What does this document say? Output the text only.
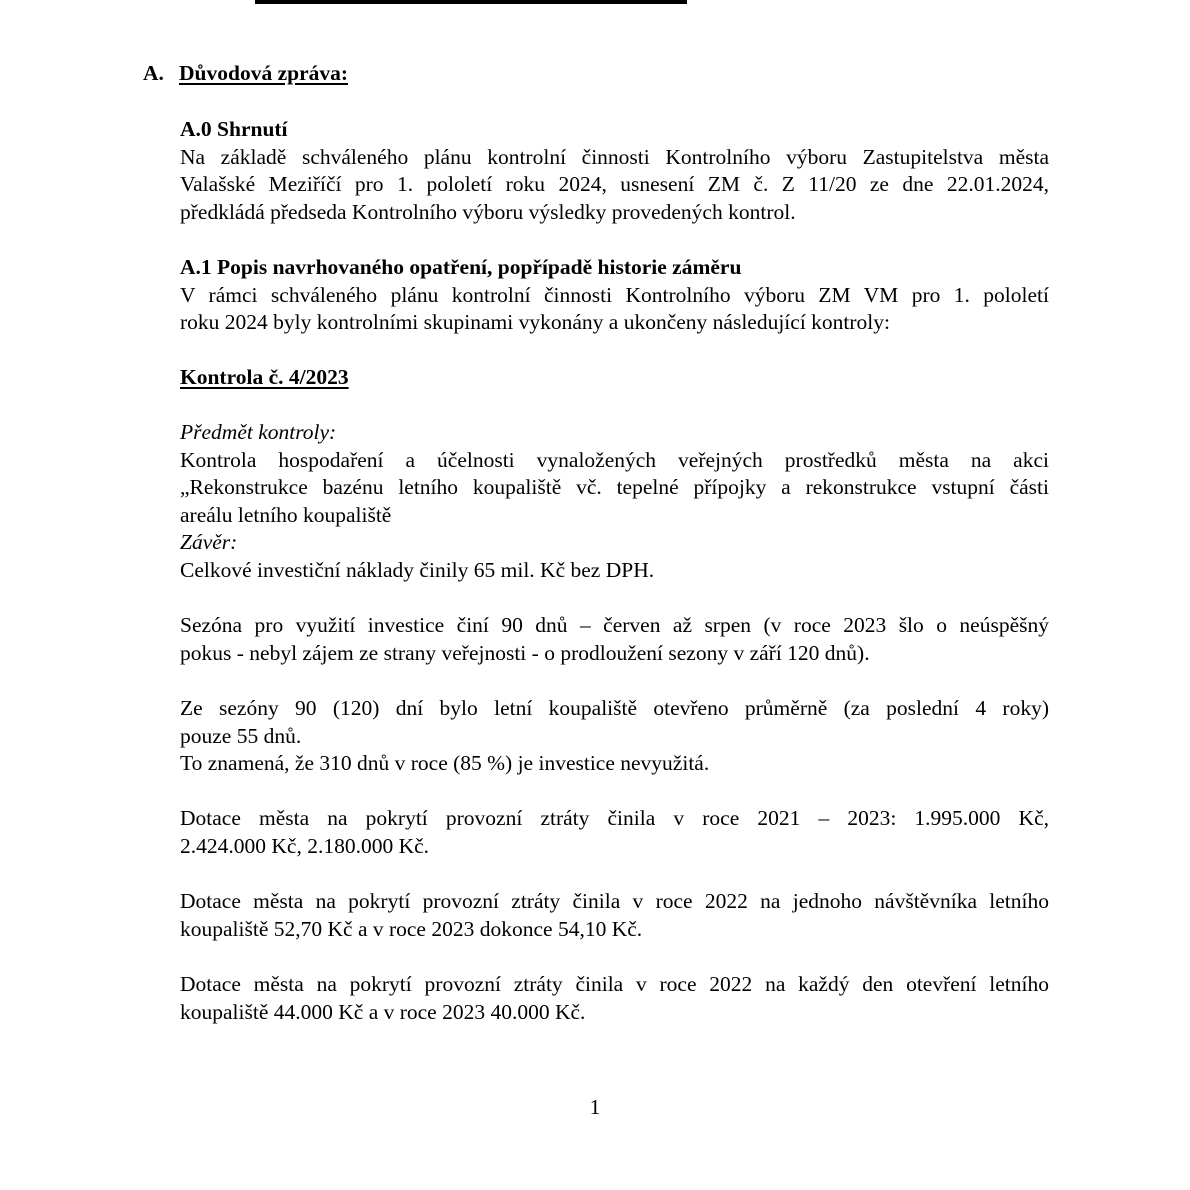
A. Důvodová zpráva:

A.0 Shrnutí

Na základě schváleného plánu kontrolní činnosti Kontrolního výboru Zastupitelstva města

Valašské Meziříčí pro 1. pololetí roku 2024, usnesení ZM č. Z 11/20 ze dne 22.01.2024,

předkládá předseda Kontrolního výboru výsledky provedených kontrol.

A.1 Popis navrhovaného opatření, popřípadě historie záměru

V rámci schváleného plánu kontrolní činnosti Kontrolního výboru ZM VM pro 1. pololetí

roku 2024 byly kontrolními skupinami vykonány a ukončeny následující kontroly:

Kontrola č. 4/2023

Předmět kontroly:

Kontrola hospodaření a účelnosti vynaložených veřejných prostředků města na akci

„Rekonstrukce bazénu letního koupaliště vč. tepelné přípojky a rekonstrukce vstupní části

areálu letního koupaliště

Závěr:

Celkové investiční náklady činily 65 mil. Kč bez DPH.

Sezóna pro využití investice činí 90 dnů – červen až srpen (v roce 2023 šlo o neúspěšný

pokus - nebyl zájem ze strany veřejnosti - o prodloužení sezony v září 120 dnů).

Ze sezóny 90 (120) dní bylo letní koupaliště otevřeno průměrně (za poslední 4 roky)

pouze 55 dnů.

To znamená, že 310 dnů v roce (85 %) je investice nevyužitá.

Dotace města na pokrytí provozní ztráty činila v roce 2021 – 2023: 1.995.000 Kč,

2.424.000 Kč, 2.180.000 Kč.

Dotace města na pokrytí provozní ztráty činila v roce 2022 na jednoho návštěvníka letního

koupaliště 52,70 Kč a v roce 2023 dokonce 54,10 Kč.

Dotace města na pokrytí provozní ztráty činila v roce 2022 na každý den otevření letního

koupaliště 44.000 Kč a v roce 2023 40.000 Kč.

1
